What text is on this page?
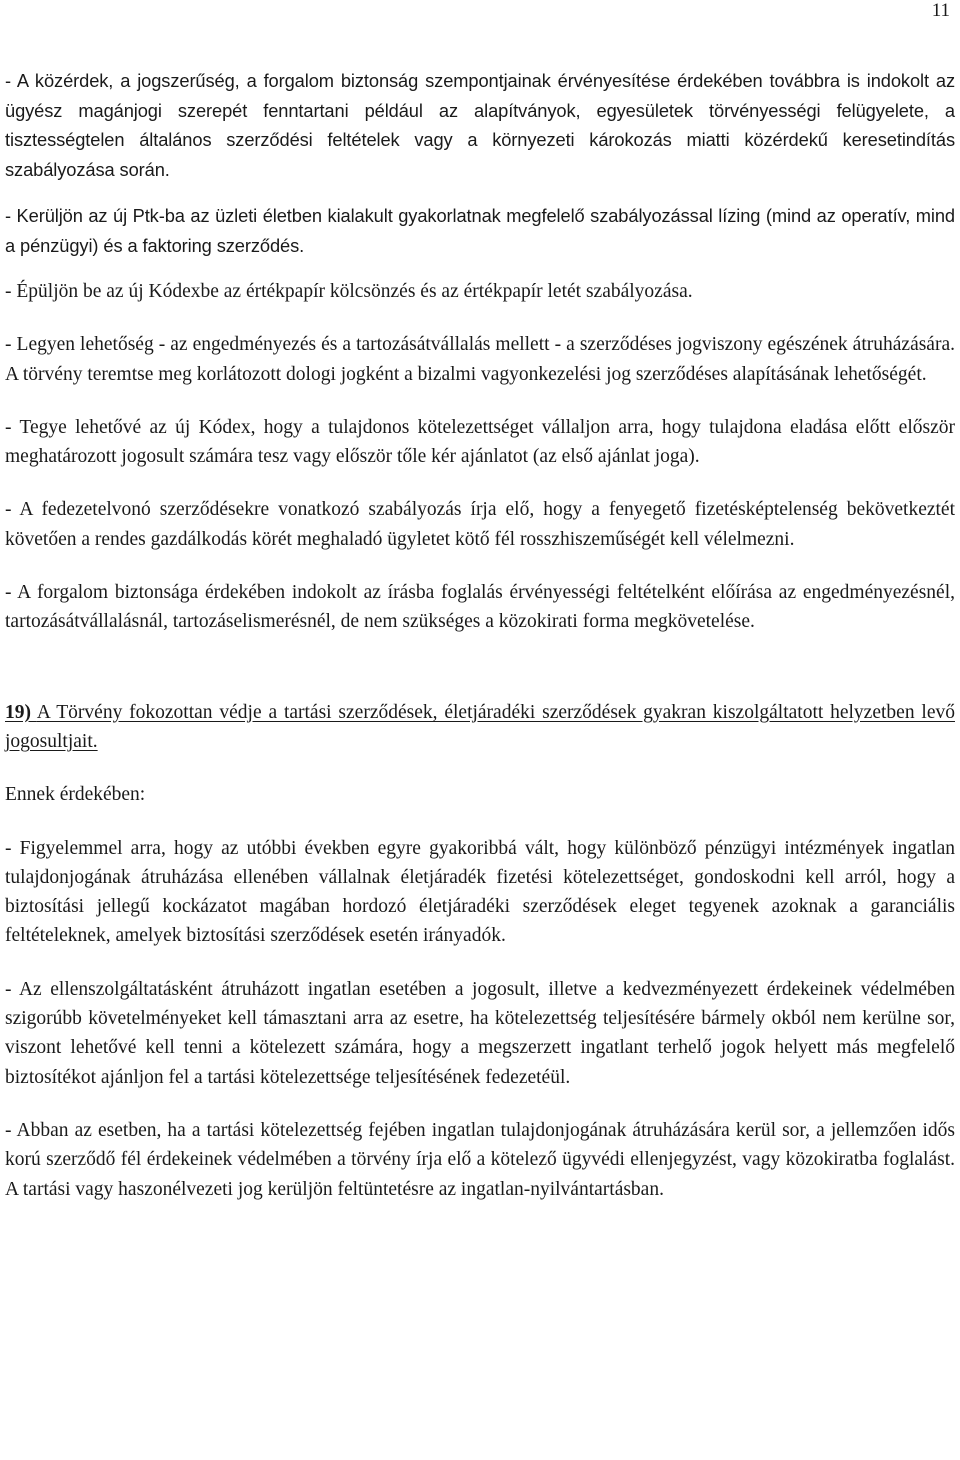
11

- A közérdek, a jogszerűség, a forgalom biztonság szempontjainak érvényesítése érdekében továbbra is indokolt az ügyész magánjogi szerepét fenntartani például az alapítványok, egyesületek törvényességi felügyelete, a tisztességtelen általános szerződési feltételek vagy a környezeti károkozás miatti közérdekű keresetindítás szabályozása során.

- Kerüljön az új Ptk-ba az üzleti életben kialakult gyakorlatnak megfelelő szabályozással lízing (mind az operatív, mind a pénzügyi) és a faktoring szerződés.

- Épüljön be az új Kódexbe az értékpapír kölcsönzés és az értékpapír letét szabályozása.

- Legyen lehetőség - az engedményezés és a tartozásátvállalás mellett - a szerződéses jogviszony egészének átruházására. A törvény teremtse meg korlátozott dologi jogként a bizalmi vagyonkezelési jog szerződéses alapításának lehetőségét.

- Tegye lehetővé az új Kódex, hogy a tulajdonos kötelezettséget vállaljon arra, hogy tulajdona eladása előtt először meghatározott jogosult számára tesz vagy először tőle kér ajánlatot (az első ajánlat joga).

- A fedezetelvonó szerződésekre vonatkozó szabályozás írja elő, hogy a fenyegető fizetésképtelenség bekövetkeztét követően a rendes gazdálkodás körét meghaladó ügyletet kötő fél rosszhiszeműségét kell vélelmezni.

- A forgalom biztonsága érdekében indokolt az írásba foglalás érvényességi feltételként előírása az engedményezésnél, tartozásátvállalásnál, tartozáselismerésnél, de nem szükséges a közokirati forma megkövetelése.

19) A Törvény fokozottan védje a tartási szerződések, életjáradéki szerződések gyakran kiszolgáltatott helyzetben levő jogosultjait.

Ennek érdekében:

- Figyelemmel arra, hogy az utóbbi években egyre gyakoribbá vált, hogy különböző pénzügyi intézmények ingatlan tulajdonjogának átruházása ellenében vállalnak életjáradék fizetési kötelezettséget, gondoskodni kell arról, hogy a biztosítási jellegű kockázatot magában hordozó életjáradéki szerződések eleget tegyenek azoknak a garanciális feltételeknek, amelyek biztosítási szerződések esetén irányadók.

- Az ellenszolgáltatásként átruházott ingatlan esetében a jogosult, illetve a kedvezményezett érdekeinek védelmében szigorúbb követelményeket kell támasztani arra az esetre, ha kötelezettség teljesítésére bármely okból nem kerülne sor, viszont lehetővé kell tenni a kötelezett számára, hogy a megszerzett ingatlant terhelő jogok helyett más megfelelő biztosítékot ajánljon fel a tartási kötelezettsége teljesítésének fedezetéül.

- Abban az esetben, ha a tartási kötelezettség fejében ingatlan tulajdonjogának átruházására kerül sor, a jellemzően idős korú szerződő fél érdekeinek védelmében a törvény írja elő a kötelező ügyvédi ellenjegyzést, vagy közokiratba foglalást. A tartási vagy haszonélvezeti jog kerüljön feltüntetésre az ingatlan-nyilvántartásban.
